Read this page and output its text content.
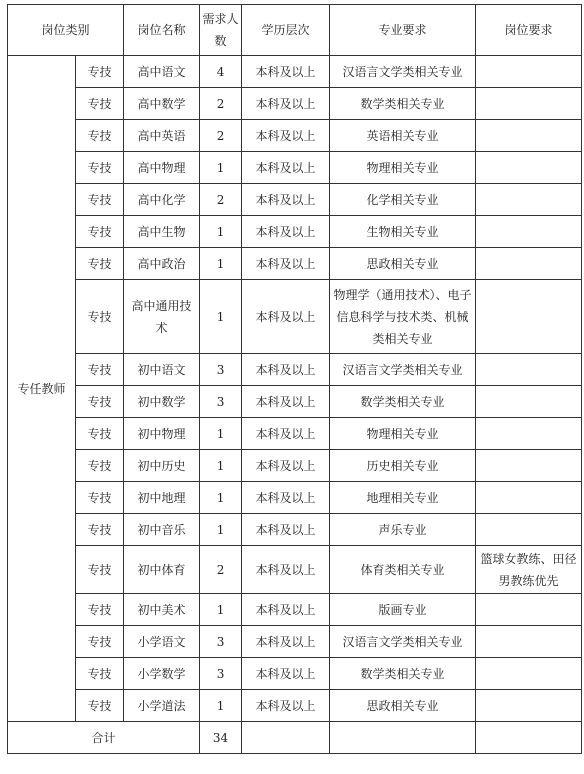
岗位类别		岗位名称	需求人数	学历层次	专业要求	岗位要求
专任教师	专技	高中语文	4	本科及以上	汉语言文学类相关专业	
	专技	高中数学	2	本科及以上	数学类相关专业	
	专技	高中英语	2	本科及以上	英语相关专业	
	专技	高中物理	1	本科及以上	物理相关专业	
	专技	高中化学	2	本科及以上	化学相关专业	
	专技	高中生物	1	本科及以上	生物相关专业	
	专技	高中政治	1	本科及以上	思政相关专业	
	专技	高中通用技术	1	本科及以上	物理学（通用技术）、电子信息科学与技术类、机械类相关专业	
	专技	初中语文	3	本科及以上	汉语言文学类相关专业	
	专技	初中数学	3	本科及以上	数学类相关专业	
	专技	初中物理	1	本科及以上	物理相关专业	
	专技	初中历史	1	本科及以上	历史相关专业	
	专技	初中地理	1	本科及以上	地理相关专业	
	专技	初中音乐	1	本科及以上	声乐专业	
	专技	初中体育	2	本科及以上	体育类相关专业	篮球女教练、田径男教练优先
	专技	初中美术	1	本科及以上	版画专业	
	专技	小学语文	3	本科及以上	汉语言文学类相关专业	
	专技	小学数学	3	本科及以上	数学类相关专业	
	专技	小学道法	1	本科及以上	思政相关专业	
合计			34			
